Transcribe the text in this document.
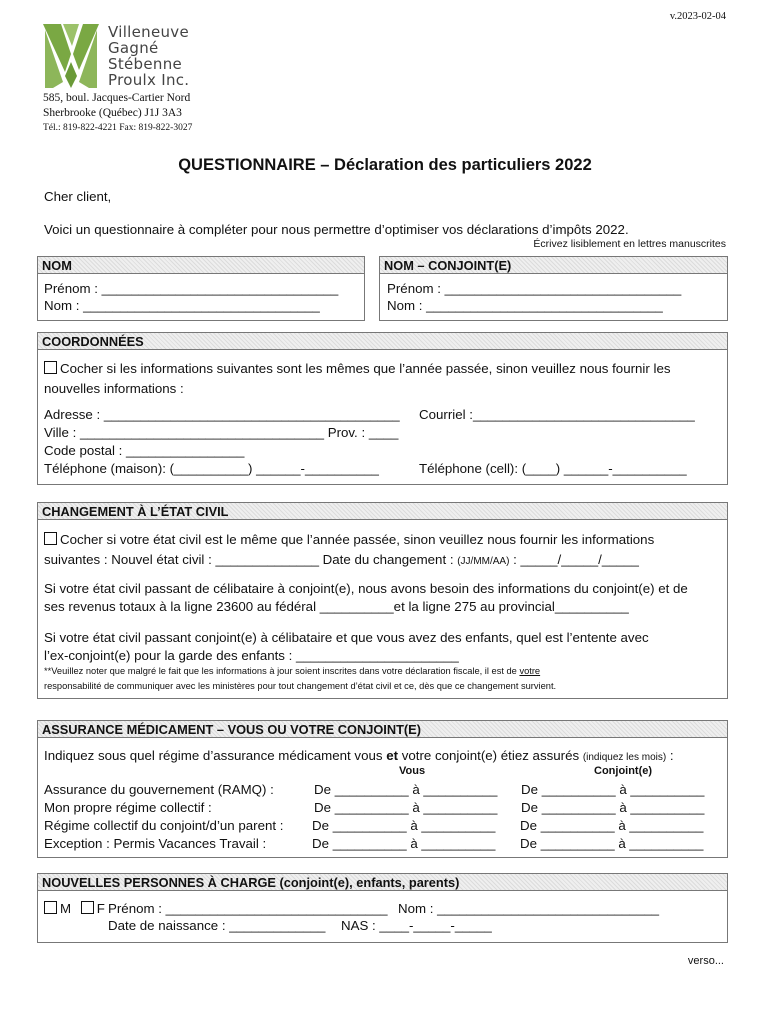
v.2023-02-04
Villeneuve
Gagné
Stébenne
Proulx Inc.
585, boul. Jacques-Cartier Nord
Sherbrooke (Québec) J1J 3A3
Tél.: 819-822-4221 Fax: 819-822-3027
QUESTIONNAIRE – Déclaration des particuliers 2022
Cher client,
Voici un questionnaire à compléter pour nous permettre d’optimiser vos déclarations d’impôts 2022.
Écrivez lisiblement en lettres manuscrites
NOM
Prénom : ________________________________
Nom : ________________________________
NOM – CONJOINT(E)
Prénom : ________________________________
Nom : ________________________________
COORDONNÉES
Cocher si les informations suivantes sont les mêmes que l’année passée, sinon veuillez nous fournir les
nouvelles informations :
Adresse : ________________________________________ Courriel :______________________________
Ville : _________________________________ Prov. : ____
Code postal : ________________
Téléphone (maison): (__________) ______-__________	Téléphone (cell): (____) ______-__________
CHANGEMENT À L’ÉTAT CIVIL
Cocher si votre état civil est le même que l’année passée, sinon veuillez nous fournir les informations
suivantes : Nouvel état civil : ______________ Date du changement : (JJ/MM/AA) : _____/_____/_____
Si votre état civil passant de célibataire à conjoint(e), nous avons besoin des informations du conjoint(e) et de
ses revenus totaux à la ligne 23600 au fédéral __________et la ligne 275 au provincial__________
Si votre état civil passant conjoint(e) à célibataire et que vous avez des enfants, quel est l’entente avec
l’ex-conjoint(e) pour la garde des enfants : ______________________
**Veuillez noter que malgré le fait que les informations à jour soient inscrites dans votre déclaration fiscale, il est de votre
responsabilité de communiquer avec les ministères pour tout changement d’état civil et ce, dès que ce changement survient.
ASSURANCE MÉDICAMENT – VOUS OU VOTRE CONJOINT(E)
Indiquez sous quel régime d’assurance médicament vous et votre conjoint(e) étiez assurés (indiquez les mois) :
Vous	Conjoint(e)
Assurance du gouvernement (RAMQ) :	De __________ à __________ De __________ à __________
Mon propre régime collectif :	De __________ à __________ De __________ à __________
Régime collectif du conjoint/d’un parent : De __________ à __________ De __________ à __________
Exception : Permis Vacances Travail :	De __________ à __________ De __________ à __________
NOUVELLES PERSONNES À CHARGE (conjoint(e), enfants, parents)
M F Prénom : ______________________________ Nom : ______________________________
Date de naissance : _____________ NAS : ____-_____-_____
verso...
